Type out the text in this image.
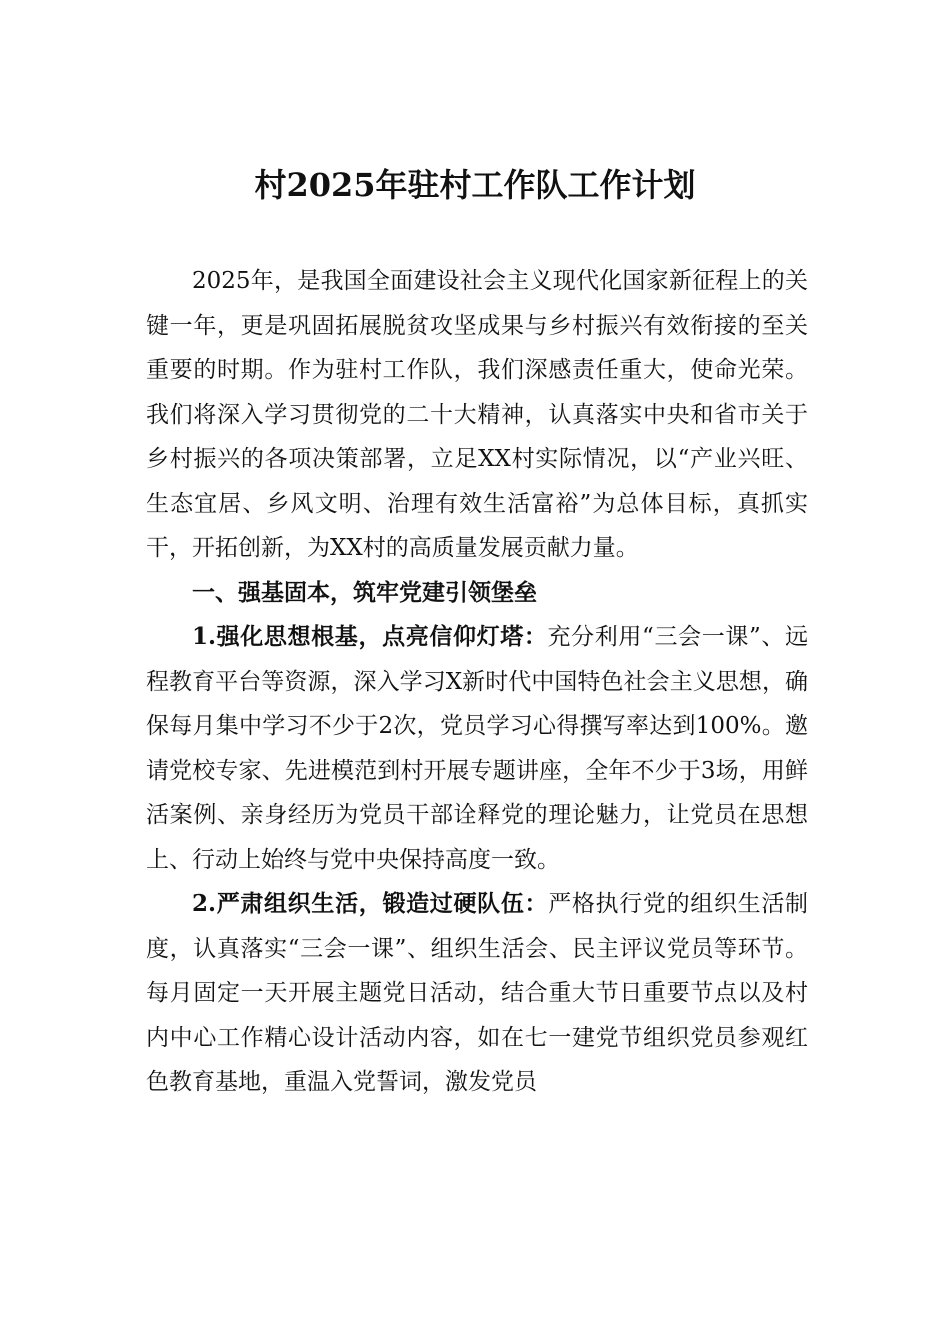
村2025年驻村工作队工作计划

2025年，是我国全面建设社会主义现代化国家新征程上的关键一年，更是巩固拓展脱贫攻坚成果与乡村振兴有效衔接的至关重要的时期。作为驻村工作队，我们深感责任重大，使命光荣。我们将深入学习贯彻党的二十大精神，认真落实中央和省市关于乡村振兴的各项决策部署，立足XX村实际情况，以“产业兴旺、生态宜居、乡风文明、治理有效生活富裕”为总体目标，真抓实干，开拓创新，为XX村的高质量发展贡献力量。

一、强基固本，筑牢党建引领堡垒

1.强化思想根基，点亮信仰灯塔：充分利用“三会一课”、远程教育平台等资源，深入学习X新时代中国特色社会主义思想，确保每月集中学习不少于2次，党员学习心得撰写率达到100%。邀请党校专家、先进模范到村开展专题讲座，全年不少于3场，用鲜活案例、亲身经历为党员干部诠释党的理论魅力，让党员在思想上、行动上始终与党中央保持高度一致。

2.严肃组织生活，锻造过硬队伍：严格执行党的组织生活制度，认真落实“三会一课”、组织生活会、民主评议党员等环节。每月固定一天开展主题党日活动，结合重大节日重要节点以及村内中心工作精心设计活动内容，如在七一建党节组织党员参观红色教育基地，重温入党誓词，激发党员
